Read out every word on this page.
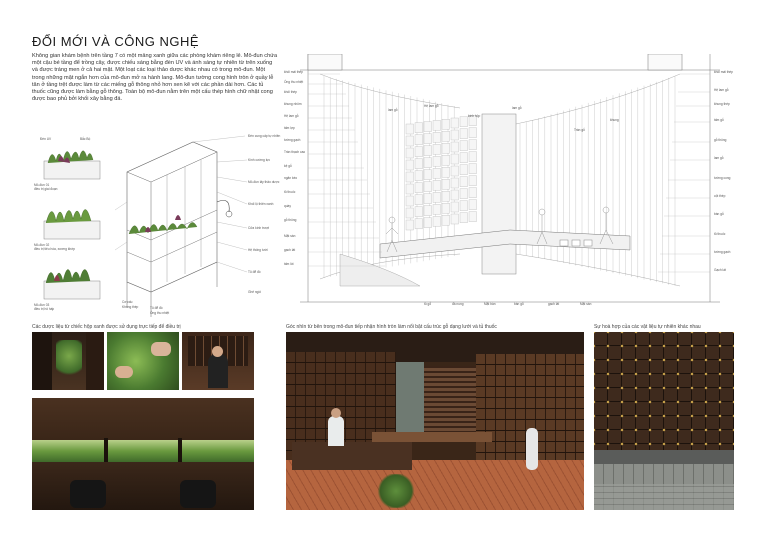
ĐỔI MỚI VÀ CÔNG NGHỆ
Không gian khám bệnh trên tầng 7 có một mảng xanh giữa các phòng khám riêng lẻ. Mô-đun chứa một cậu bé tầng để trồng cây, được chiếu sáng bằng đèn UV và ánh sáng tự nhiên từ trên xuống và được tráng men ở cả hai mặt. Một loạt các loại thảo dược khác nhau có trong mô-đun. Một trong những mặt ngắn hơn của mô-đun mở ra hành lang. Mô-đun tường cong hình tròn ở quầy lễ tân ở tầng trệt được làm từ các miếng gỗ thông nhỏ hơn xen kẽ với các phần dài hơn. Các tủ thuốc cũng được làm bằng gỗ thông. Toàn bộ mô-đun nằm trên một cấu thép hình chữ nhật cong được bao phủ bởi khối xây bằng đá.
Đèn UV	Bắc Bộ
Mô-đun 01
điều trị giai đoạn
Mô-đun 02
điều trị tiêu hóa, xương khớp
Mô-đun 03
điều trị hô hấp
Đèn cung cấp tự nhiên
Kính cường lực
Mô-đun lấy thảo dược
Khối lộ thiên xanh
Cửa kính trượt
Hệ thống tưới
Tủ để đồ
Ghế ngồi
Cơ cấu
Khung thép	Tủ để đồ
Ống thu nhiệt
khối mái thép
Ống thu nhiệt
khối thép
khung nhôm
Hệ lam gỗ
tấm lợp
tường gạch
Trần thạch cao
kệ gỗ
ngăn kéo
tủ thuốc
quầy
gỗ thông
Mặt sàn
gạch lát
tấm lót
khối mái thép
Hệ lam gỗ
khung thép
tấm gỗ
gỗ thông
lam gỗ
tường cong
cột thép
bàn gỗ
tủ thuốc
tường gạch
Gạch lát
lam gỗ
Hệ lam gỗ
kính hộp
lam gỗ
Trần gỗ
khung
tủ gỗ	đá nung	Mặt bàn	bàn gỗ	gạch lát	Mặt sàn
Các dược liệu từ chiếc hộp xanh được sử dụng trực tiếp để điều trị	Góc nhìn từ bên trong mô-đun tiếp nhận hình tròn làm nổi bật cấu trúc gỗ dạng lưới và tủ thuốc	Sự hoà hợp của các vật liệu tự nhiên khác nhau
